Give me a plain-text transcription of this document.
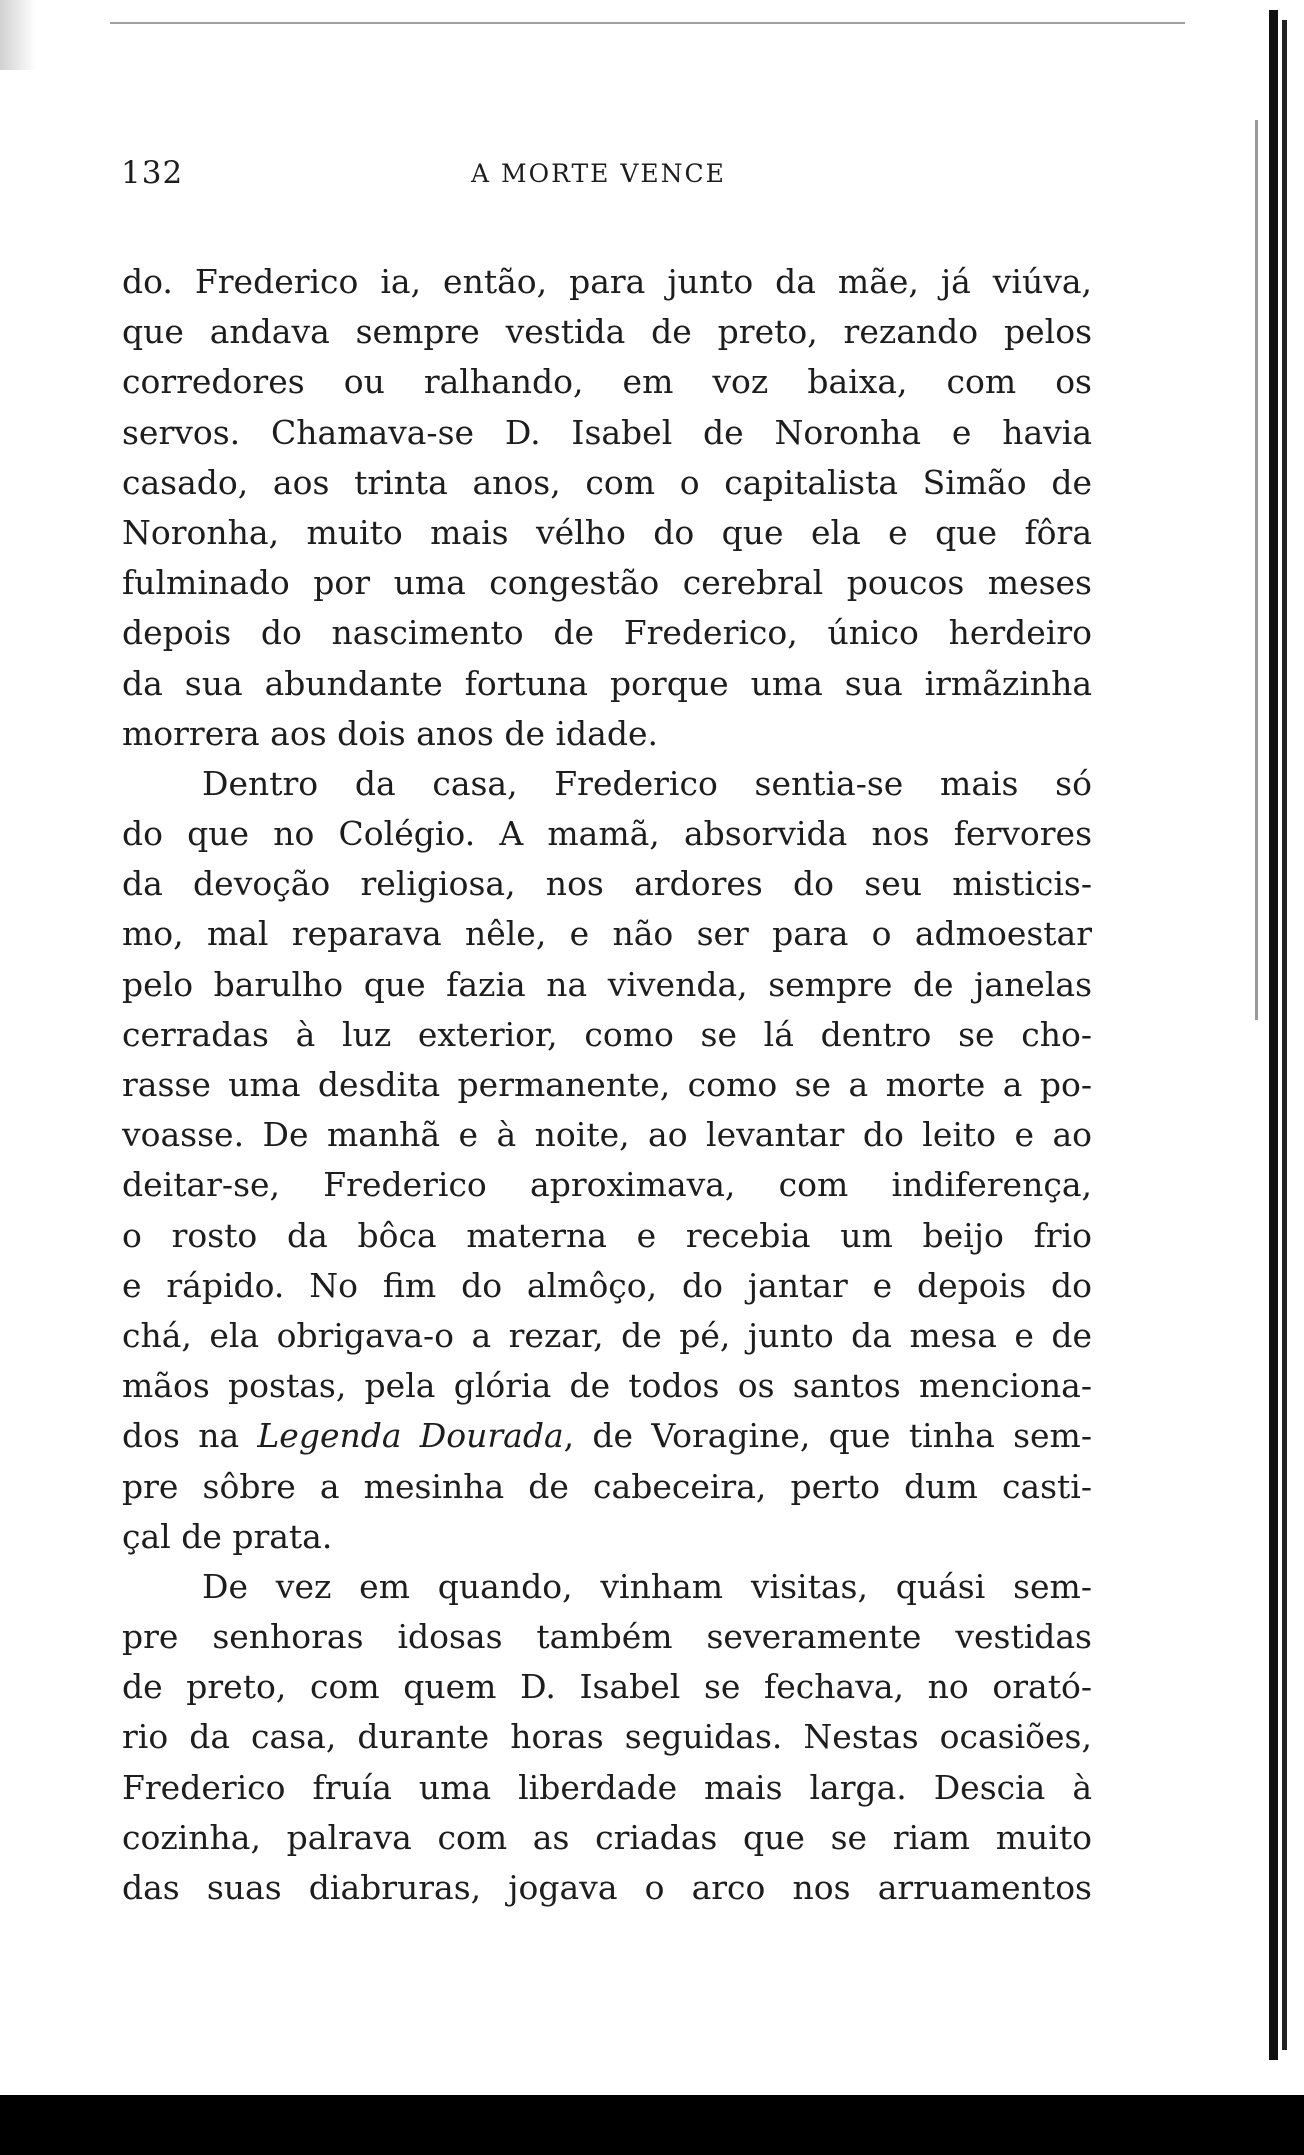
132	A MORTE VENCE
do. Frederico ia, então, para junto da mãe, já viúva,
que andava sempre vestida de preto, rezando pelos
corredores ou ralhando, em voz baixa, com os
servos. Chamava-se D. Isabel de Noronha e havia
casado, aos trinta anos, com o capitalista Simão de
Noronha, muito mais vélho do que ela e que fôra
fulminado por uma congestão cerebral poucos meses
depois do nascimento de Frederico, único herdeiro
da sua abundante fortuna porque uma sua irmãzinha
morrera aos dois anos de idade.
Dentro da casa, Frederico sentia-se mais só
do que no Colégio. A mamã, absorvida nos fervores
da devoção religiosa, nos ardores do seu misticis-
mo, mal reparava nêle, e não ser para o admoestar
pelo barulho que fazia na vivenda, sempre de janelas
cerradas à luz exterior, como se lá dentro se cho-
rasse uma desdita permanente, como se a morte a po-
voasse. De manhã e à noite, ao levantar do leito e ao
deitar-se, Frederico aproximava, com indiferença,
o rosto da bôca materna e recebia um beijo frio
e rápido. No fim do almôço, do jantar e depois do
chá, ela obrigava-o a rezar, de pé, junto da mesa e de
mãos postas, pela glória de todos os santos menciona-
dos na Legenda Dourada, de Voragine, que tinha sem-
pre sôbre a mesinha de cabeceira, perto dum casti-
çal de prata.
De vez em quando, vinham visitas, quási sem-
pre senhoras idosas também severamente vestidas
de preto, com quem D. Isabel se fechava, no orató-
rio da casa, durante horas seguidas. Nestas ocasiões,
Frederico fruía uma liberdade mais larga. Descia à
cozinha, palrava com as criadas que se riam muito
das suas diabruras, jogava o arco nos arruamentos
